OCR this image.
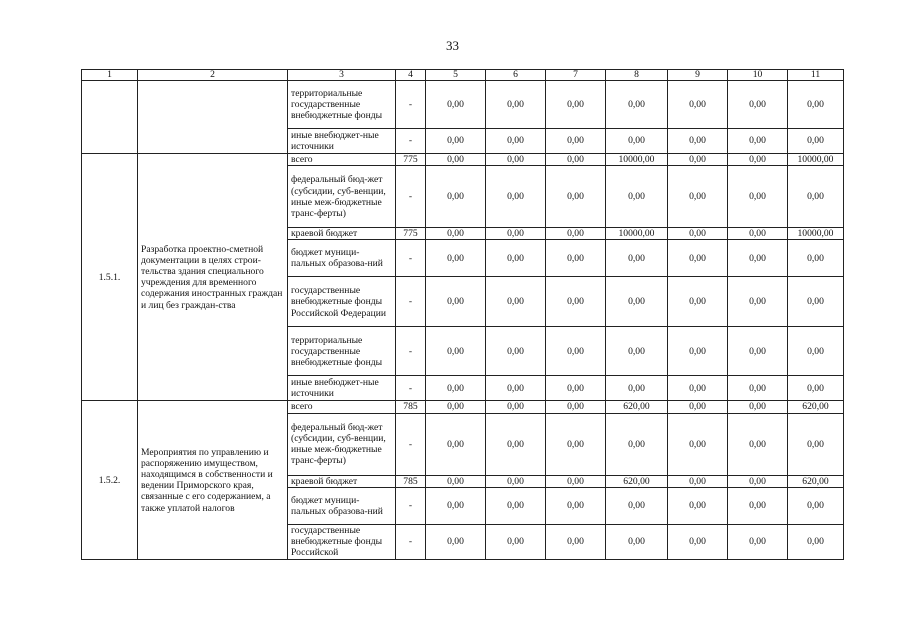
33
1	2	3	4	5	6	7	8	9	10	11
		территориальные государственные внебюджетные фонды	-	0,00	0,00	0,00	0,00	0,00	0,00	0,00
		иные внебюджет-ные источники	-	0,00	0,00	0,00	0,00	0,00	0,00	0,00
1.5.1.	Разработка проектно-сметной документации в целях строи-тельства здания специального учреждения для временного содержания иностранных граждан и лиц без граждан-ства	всего	775	0,00	0,00	0,00	10000,00	0,00	0,00	10000,00
		федеральный бюд-жет (субсидии, суб-венции, иные меж-бюджетные транс-ферты)	-	0,00	0,00	0,00	0,00	0,00	0,00	0,00
		краевой бюджет	775	0,00	0,00	0,00	10000,00	0,00	0,00	10000,00
		бюджет муници-пальных образова-ний	-	0,00	0,00	0,00	0,00	0,00	0,00	0,00
		государственные внебюджетные фонды Российской Федерации	-	0,00	0,00	0,00	0,00	0,00	0,00	0,00
		территориальные государственные внебюджетные фонды	-	0,00	0,00	0,00	0,00	0,00	0,00	0,00
		иные внебюджет-ные источники	-	0,00	0,00	0,00	0,00	0,00	0,00	0,00
1.5.2.	Мероприятия по управлению и распоряжению имуществом, находящимся в собственности и ведении Приморского края, связанные с его содержанием, а также уплатой налогов	всего	785	0,00	0,00	0,00	620,00	0,00	0,00	620,00
		федеральный бюд-жет (субсидии, суб-венции, иные меж-бюджетные транс-ферты)	-	0,00	0,00	0,00	0,00	0,00	0,00	0,00
		краевой бюджет	785	0,00	0,00	0,00	620,00	0,00	0,00	620,00
		бюджет муници-пальных образова-ний	-	0,00	0,00	0,00	0,00	0,00	0,00	0,00
		государственные внебюджетные фонды Российской	-	0,00	0,00	0,00	0,00	0,00	0,00	0,00
